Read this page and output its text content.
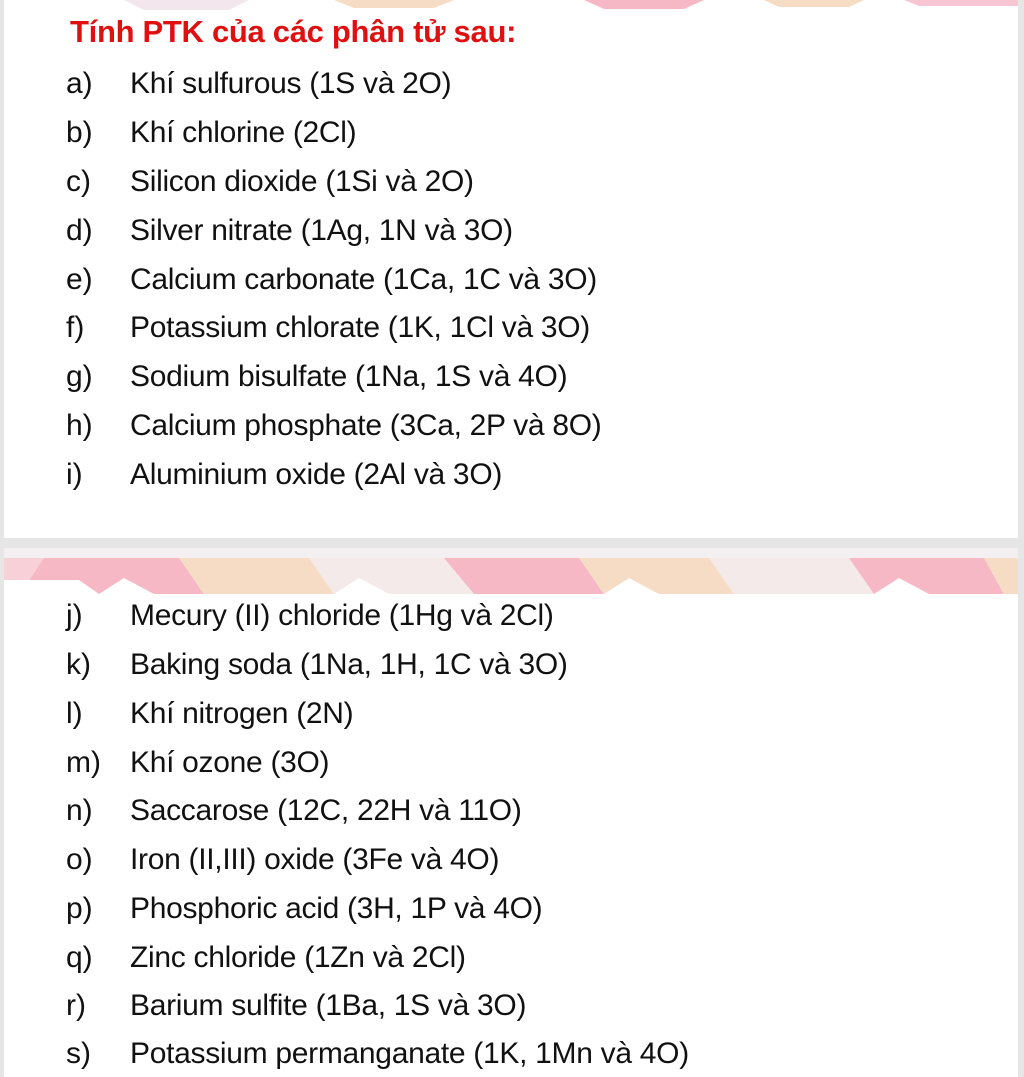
Tính PTK của các phân tử sau:
a) Khí sulfurous (1S và 2O)
b) Khí chlorine (2Cl)
c) Silicon dioxide (1Si và 2O)
d) Silver nitrate (1Ag, 1N và 3O)
e) Calcium carbonate (1Ca, 1C và 3O)
f) Potassium chlorate (1K, 1Cl và 3O)
g) Sodium bisulfate (1Na, 1S và 4O)
h) Calcium phosphate (3Ca, 2P và 8O)
i) Aluminium oxide (2Al và 3O)
j) Mecury (II) chloride (1Hg và 2Cl)
k) Baking soda (1Na, 1H, 1C và 3O)
l) Khí nitrogen (2N)
m) Khí ozone (3O)
n) Saccarose (12C, 22H và 11O)
o) Iron (II,III) oxide (3Fe và 4O)
p) Phosphoric acid (3H, 1P và 4O)
q) Zinc chloride (1Zn và 2Cl)
r) Barium sulfite (1Ba, 1S và 3O)
s) Potassium permanganate (1K, 1Mn và 4O)
